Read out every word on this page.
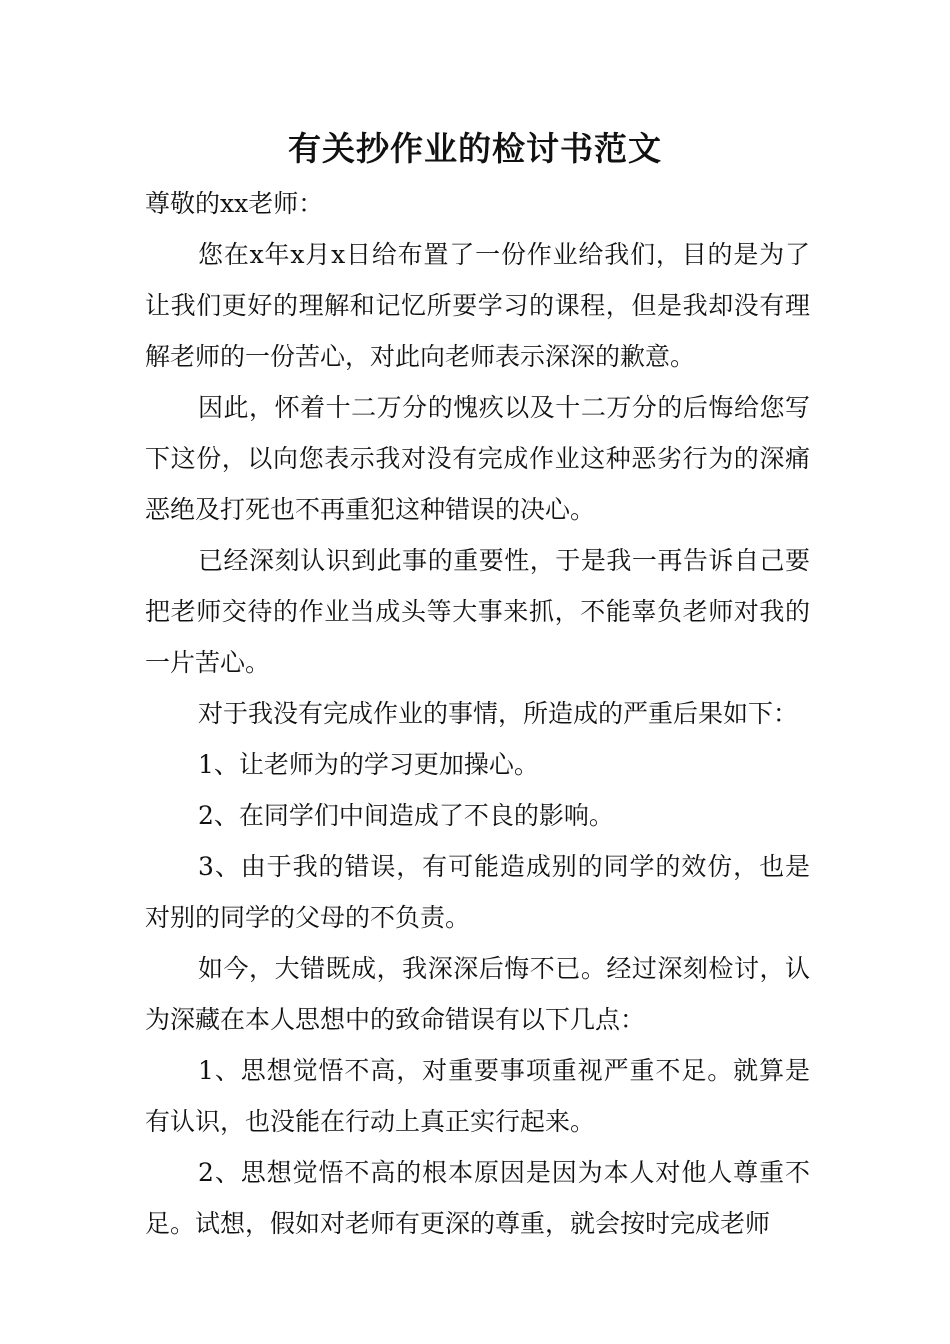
有关抄作业的检讨书范文

尊敬的xx老师：

您在x年x月x日给布置了一份作业给我们，目的是为了让我们更好的理解和记忆所要学习的课程，但是我却没有理解老师的一份苦心，对此向老师表示深深的歉意。

因此，怀着十二万分的愧疚以及十二万分的后悔给您写下这份，以向您表示我对没有完成作业这种恶劣行为的深痛恶绝及打死也不再重犯这种错误的决心。

已经深刻认识到此事的重要性，于是我一再告诉自己要把老师交待的作业当成头等大事来抓，不能辜负老师对我的一片苦心。

对于我没有完成作业的事情，所造成的严重后果如下：

1、让老师为的学习更加操心。

2、在同学们中间造成了不良的影响。

3、由于我的错误，有可能造成别的同学的效仿，也是对别的同学的父母的不负责。

如今，大错既成，我深深后悔不已。经过深刻检讨，认为深藏在本人思想中的致命错误有以下几点：

1、思想觉悟不高，对重要事项重视严重不足。就算是有认识，也没能在行动上真正实行起来。

2、思想觉悟不高的根本原因是因为本人对他人尊重不足。试想，假如对老师有更深的尊重，就会按时完成老师
